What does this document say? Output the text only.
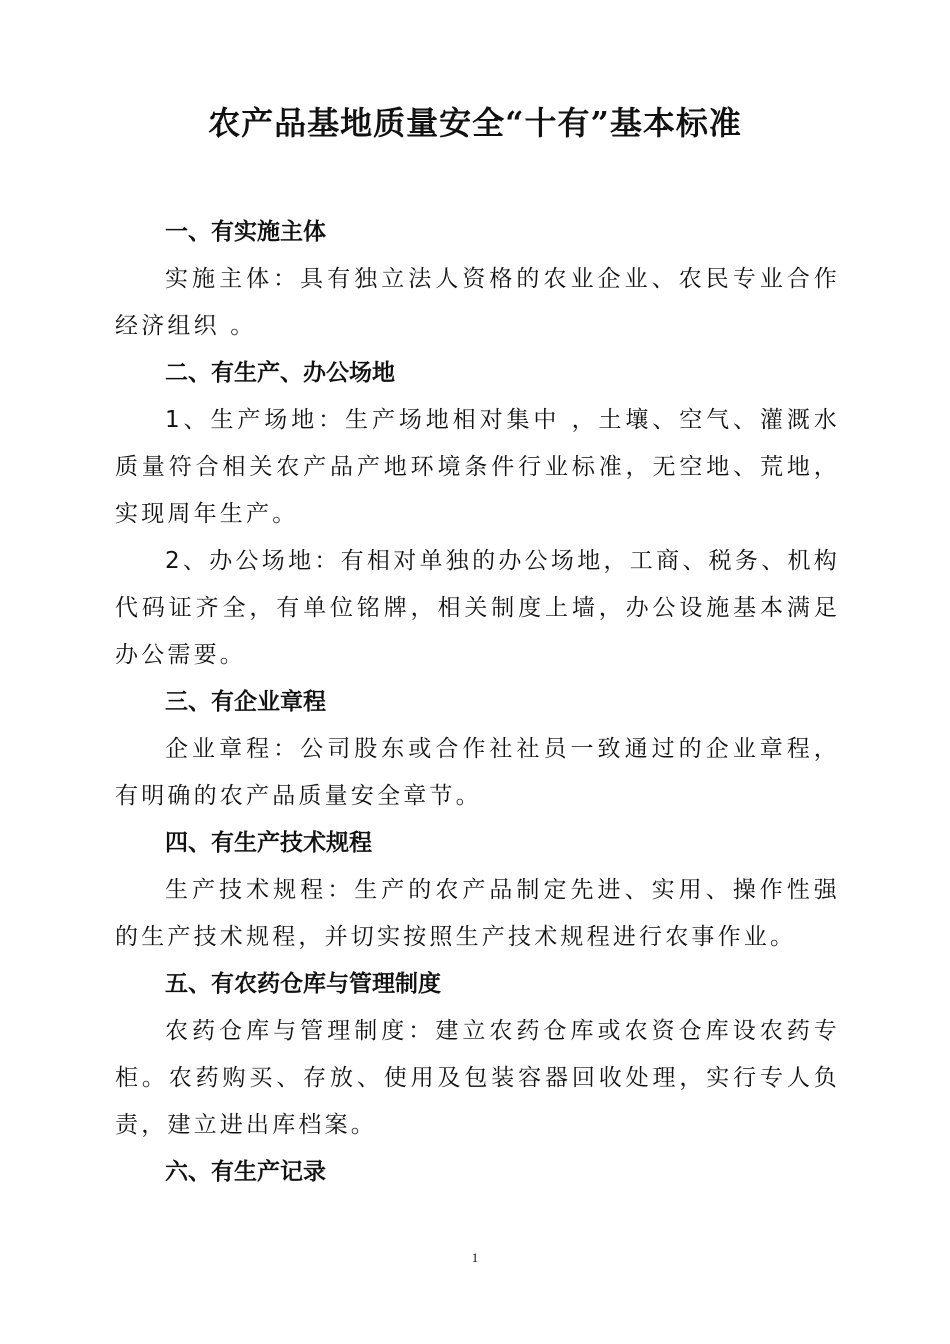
农产品基地质量安全“十有”基本标准

一、有实施主体

实施主体：具有独立法人资格的农业企业、农民专业合作经济组织 。

二、有生产、办公场地

1、生产场地：生产场地相对集中 ，土壤、空气、灌溉水质量符合相关农产品产地环境条件行业标准，无空地、荒地，实现周年生产。

2、办公场地：有相对单独的办公场地，工商、税务、机构代码证齐全，有单位铭牌，相关制度上墙，办公设施基本满足办公需要。

三、有企业章程

企业章程：公司股东或合作社社员一致通过的企业章程，有明确的农产品质量安全章节。

四、有生产技术规程

生产技术规程：生产的农产品制定先进、实用、操作性强的生产技术规程，并切实按照生产技术规程进行农事作业。

五、有农药仓库与管理制度

农药仓库与管理制度：建立农药仓库或农资仓库设农药专柜。农药购买、存放、使用及包装容器回收处理，实行专人负责，建立进出库档案。

六、有生产记录

1
